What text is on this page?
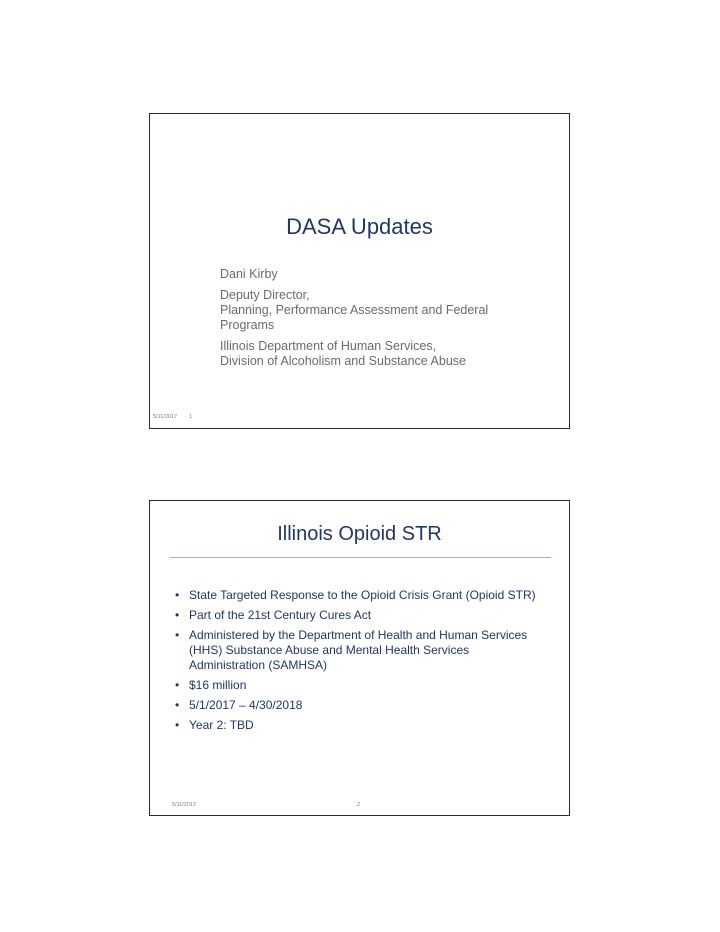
DASA Updates

Dani Kirby

Deputy Director,

Planning, Performance Assessment and Federal Programs

Illinois Department of Human Services,

Division of Alcoholism and Substance Abuse

5/11/2017 1
Illinois Opioid STR
• State Targeted Response to the Opioid Crisis Grant (Opioid STR)
• Part of the 21st Century Cures Act
• Administered by the Department of Health and Human Services (HHS) Substance Abuse and Mental Health Services Administration (SAMHSA)
• $16 million
• 5/1/2017 – 4/30/2018
• Year 2: TBD
5/11/2017	2
